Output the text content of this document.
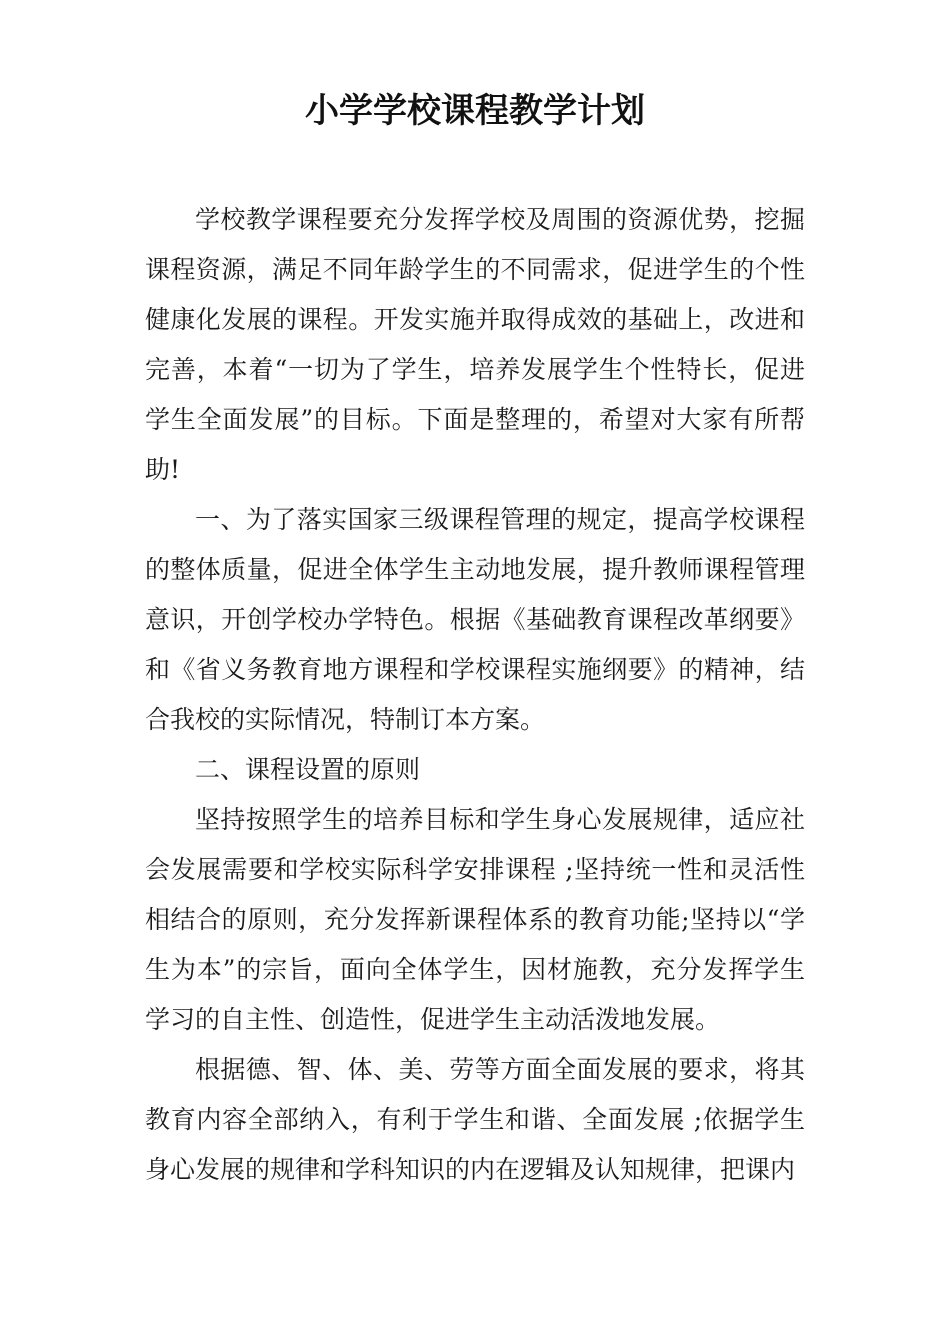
小学学校课程教学计划

学校教学课程要充分发挥学校及周围的资源优势，挖掘课程资源，满足不同年龄学生的不同需求，促进学生的个性健康化发展的课程。开发实施并取得成效的基础上，改进和完善，本着“一切为了学生，培养发展学生个性特长，促进学生全面发展”的目标。下面是整理的，希望对大家有所帮助!

一、为了落实国家三级课程管理的规定，提高学校课程的整体质量，促进全体学生主动地发展，提升教师课程管理意识，开创学校办学特色。根据《基础教育课程改革纲要》和《省义务教育地方课程和学校课程实施纲要》的精神，结合我校的实际情况，特制订本方案。

二、课程设置的原则

坚持按照学生的培养目标和学生身心发展规律，适应社会发展需要和学校实际科学安排课程 ;坚持统一性和灵活性相结合的原则，充分发挥新课程体系的教育功能;坚持以“学生为本”的宗旨，面向全体学生，因材施教，充分发挥学生学习的自主性、创造性，促进学生主动活泼地发展。

根据德、智、体、美、劳等方面全面发展的要求，将其教育内容全部纳入，有利于学生和谐、全面发展 ;依据学生身心发展的规律和学科知识的内在逻辑及认知规律，把课内
